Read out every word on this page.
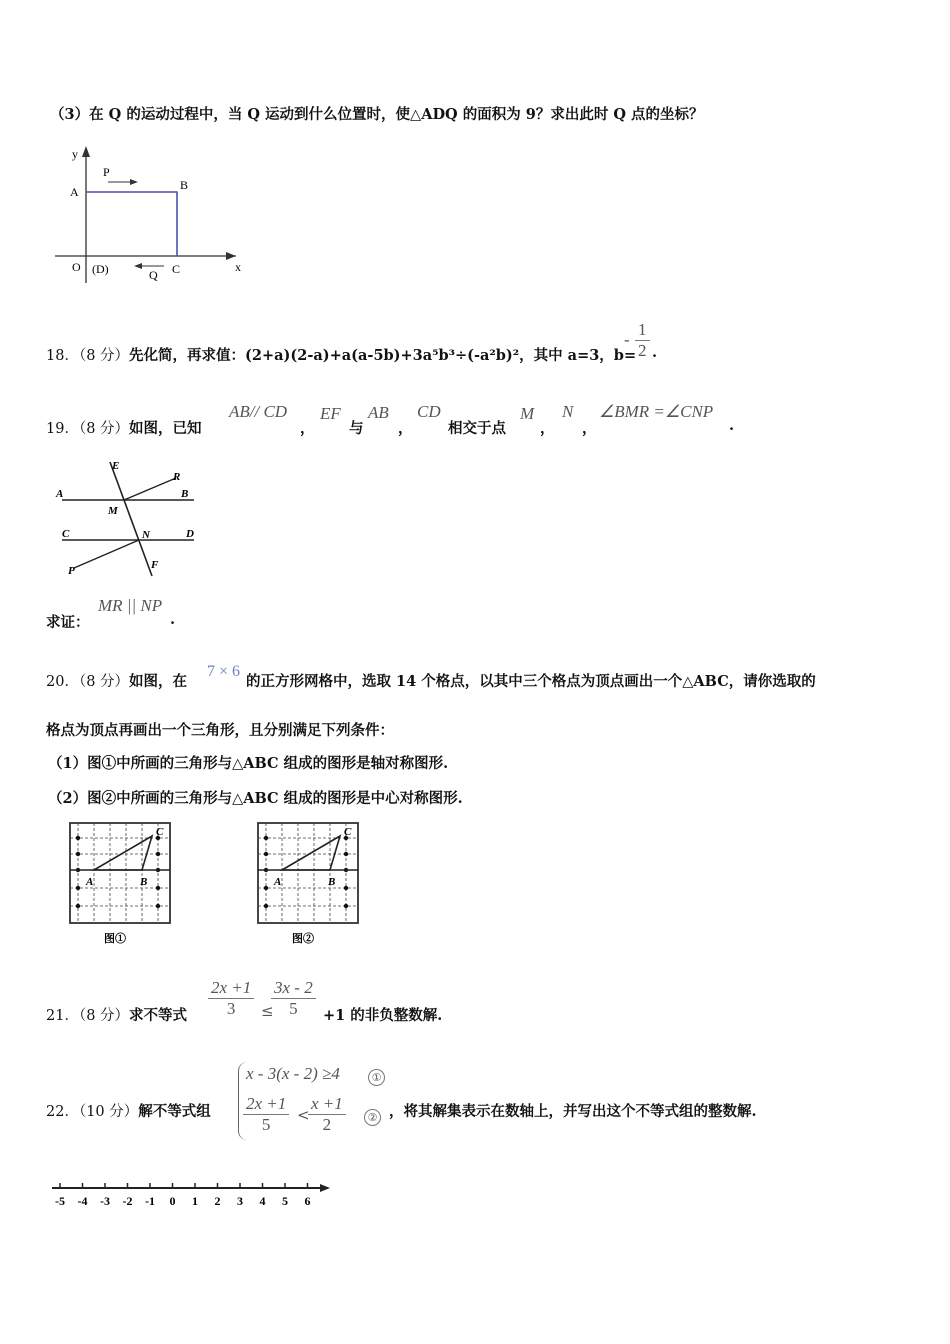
（3）在 Q 的运动过程中，当 Q 运动到什么位置时，使△ADQ 的面积为 9？求出此时 Q 点的坐标？
y
x
P
A	B
O (D)	Q C
18．（8 分）先化简，再求值：(2+a)(2-a)+a(a-5b)+3a⁵b³÷(-a²b)²，其中 a=3，b=
- $\frac{1}{2}$ .
19．（8 分）如图，已知
AB// CD
，
EF
与
AB
，
CD
相交于点
M
，
N
，
∠BMR =∠CNP
.
E
R
A	B
M
C	N	D
P	F
求证：
MR || NP
.
20．（8 分）如图，在
7 × 6
的正方形网格中，选取 14 个格点，以其中三个格点为顶点画出一个△ABC，请你选取的
格点为顶点再画出一个三角形，且分别满足下列条件：
（1）图①中所画的三角形与△ABC 组成的图形是轴对称图形.
（2）图②中所画的三角形与△ABC 组成的图形是中心对称图形.
A	B
C
图①
A	B
C
图②
21．（8 分）求不等式 $\frac{2x +1}{3}$ ≤
$\frac{3x - 2}{5} +1$ 的非负整数解.
22．（10 分）解不等式组
x - 3(x - 2) ≥4	①
$\frac{2x +1}{5}$ <
$\frac{x +1}{2}$	② ，将其解集表示在数轴上，并写出这个不等式组的整数解.
-5 -4 -3 -2 -1 0 1 2 3 4 5 6
